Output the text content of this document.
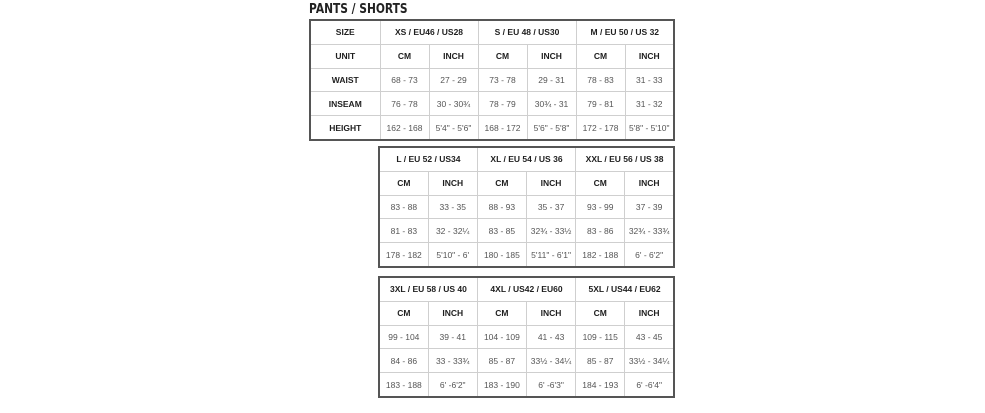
PANTS / SHORTS
SIZE	XS / EU46 / US28		S / EU 48 / US30		M / EU 50 / US 32	
UNIT	CM	INCH	CM	INCH	CM	INCH
WAIST	68 - 73	27 - 29	73 - 78	29 - 31	78 - 83	31 - 33
INSEAM	76 - 78	30 - 30¾	78 - 79	30¾ - 31	79 - 81	31 - 32
HEIGHT	162 - 168	5'4" - 5'6"	168 - 172	5'6" - 5'8"	172 - 178	5'8" - 5'10"
L / EU 52 / US34		XL / EU 54 / US 36		XXL / EU 56 / US 38	
CM	INCH	CM	INCH	CM	INCH
83 - 88	33 - 35	88 - 93	35 - 37	93 - 99	37 - 39
81 - 83	32 - 32¼	83 - 85	32¾ - 33½	83 - 86	32¾ - 33¾
178 - 182	5'10" - 6'	180 - 185	5'11" - 6'1"	182 - 188	6' - 6'2"
3XL / EU 58 / US 40		4XL / US42 / EU60		5XL / US44 / EU62	
CM	INCH	CM	INCH	CM	INCH
99 - 104	39 - 41	104 - 109	41 - 43	109 - 115	43 - 45
84 - 86	33 - 33¾	85 - 87	33½ - 34¼	85 - 87	33½ - 34¼
183 - 188	6' -6'2"	183 - 190	6' -6'3"	184 - 193	6' -6'4"
